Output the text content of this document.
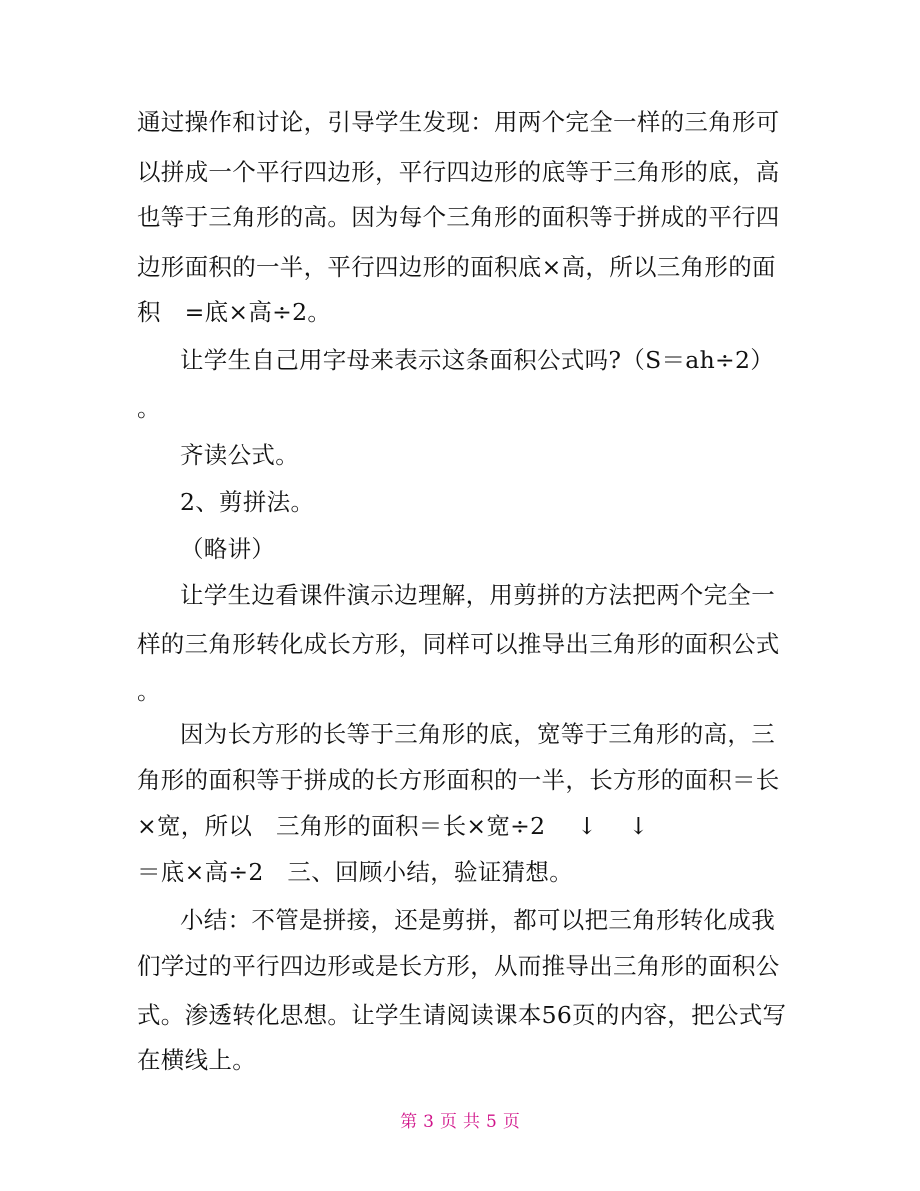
通过操作和讨论，引导学生发现：用两个完全一样的三角形可
以拼成一个平行四边形，平行四边形的底等于三角形的底，高
也等于三角形的高。因为每个三角形的面积等于拼成的平行四
边形面积的一半，平行四边形的面积底×高，所以三角形的面
积　=底×高÷2。
让学生自己用字母来表示这条面积公式吗?（S＝ah÷2）
。
齐读公式。
2、剪拼法。
（略讲）
让学生边看课件演示边理解，用剪拼的方法把两个完全一
样的三角形转化成长方形，同样可以推导出三角形的面积公式
。
因为长方形的长等于三角形的底，宽等于三角形的高，三
角形的面积等于拼成的长方形面积的一半，长方形的面积＝长
×宽，所以　三角形的面积＝长×宽÷2　 ↓　 ↓
＝底×高÷2　三、回顾小结，验证猜想。
小结：不管是拼接，还是剪拼，都可以把三角形转化成我
们学过的平行四边形或是长方形，从而推导出三角形的面积公
式。渗透转化思想。让学生请阅读课本56页的内容，把公式写
在横线上。
第 3 页 共 5 页
